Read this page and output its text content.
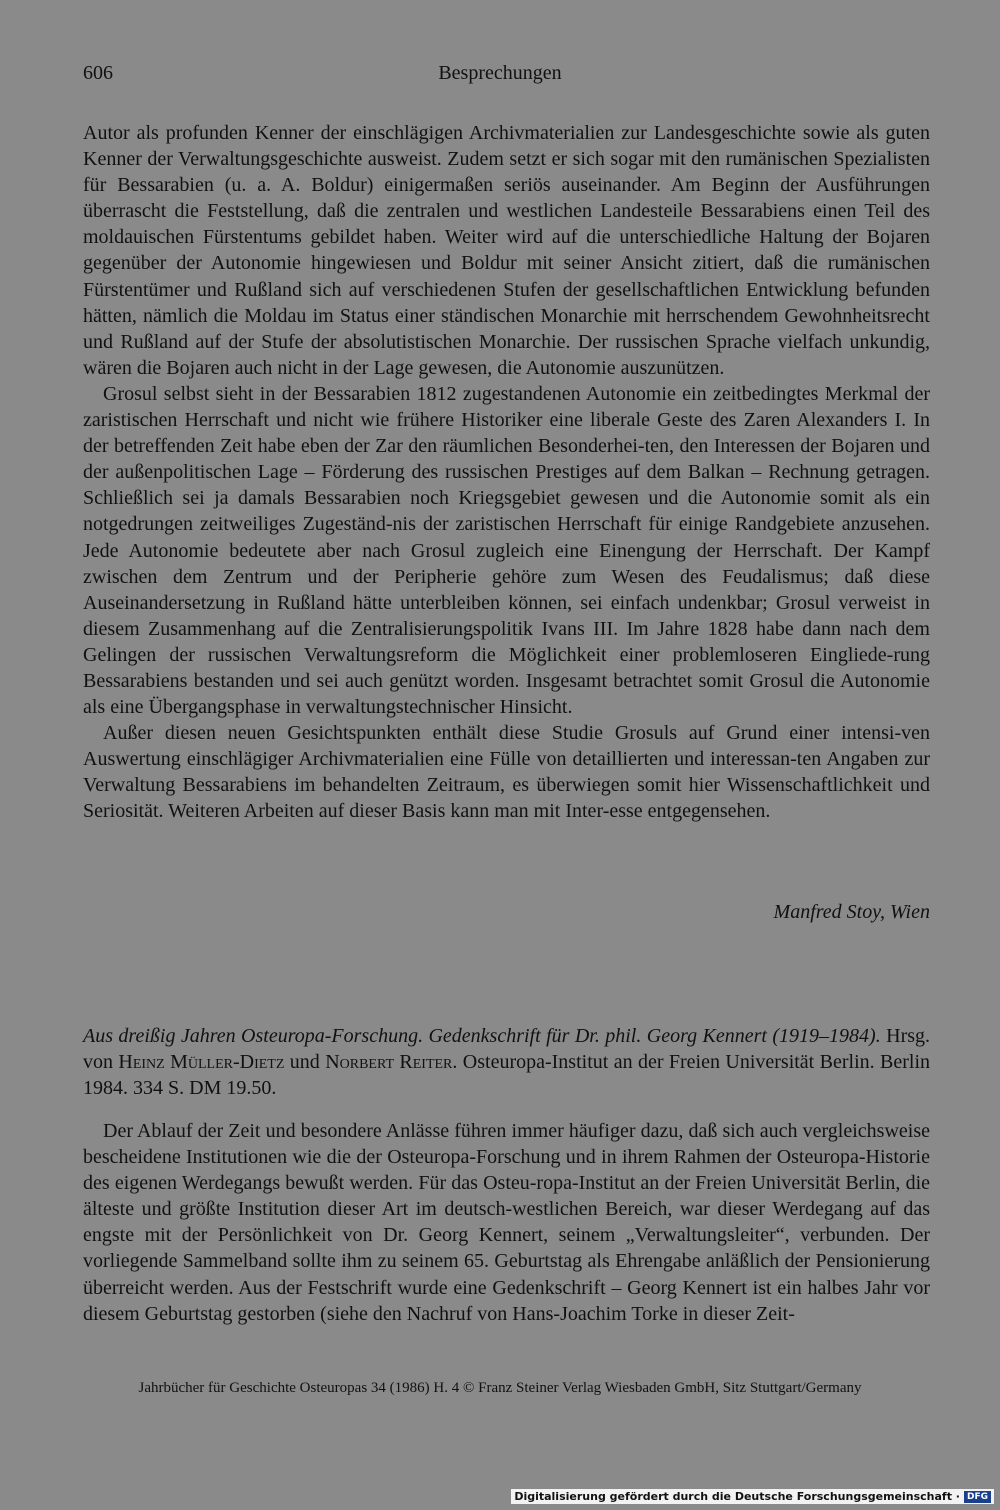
606	Besprechungen

Autor als profunden Kenner der einschlägigen Archivmaterialien zur Landesgeschichte sowie als guten Kenner der Verwaltungsgeschichte ausweist. Zudem setzt er sich sogar mit den rumänischen Spezialisten für Bessarabien (u. a. A. Boldur) einigermaßen seriös auseinander. Am Beginn der Ausführungen überrascht die Feststellung, daß die zentralen und westlichen Landesteile Bessarabiens einen Teil des moldauischen Fürstentums gebildet haben. Weiter wird auf die unterschiedliche Haltung der Bojaren gegenüber der Autonomie hingewiesen und Boldur mit seiner Ansicht zitiert, daß die rumänischen Fürstentümer und Rußland sich auf verschiedenen Stufen der gesellschaftlichen Entwicklung befunden hätten, nämlich die Moldau im Status einer ständischen Monarchie mit herrschendem Gewohnheitsrecht und Rußland auf der Stufe der absolutistischen Monarchie. Der russischen Sprache vielfach unkundig, wären die Bojaren auch nicht in der Lage gewesen, die Autonomie auszunützen.

Grosul selbst sieht in der Bessarabien 1812 zugestandenen Autonomie ein zeitbedingtes Merkmal der zaristischen Herrschaft und nicht wie frühere Historiker eine liberale Geste des Zaren Alexanders I. In der betreffenden Zeit habe eben der Zar den räumlichen Besonderhei-ten, den Interessen der Bojaren und der außenpolitischen Lage – Förderung des russischen Prestiges auf dem Balkan – Rechnung getragen. Schließlich sei ja damals Bessarabien noch Kriegsgebiet gewesen und die Autonomie somit als ein notgedrungen zeitweiliges Zugeständ-nis der zaristischen Herrschaft für einige Randgebiete anzusehen. Jede Autonomie bedeutete aber nach Grosul zugleich eine Einengung der Herrschaft. Der Kampf zwischen dem Zentrum und der Peripherie gehöre zum Wesen des Feudalismus; daß diese Auseinandersetzung in Rußland hätte unterbleiben können, sei einfach undenkbar; Grosul verweist in diesem Zusammenhang auf die Zentralisierungspolitik Ivans III. Im Jahre 1828 habe dann nach dem Gelingen der russischen Verwaltungsreform die Möglichkeit einer problemloseren Eingliede-rung Bessarabiens bestanden und sei auch genützt worden. Insgesamt betrachtet somit Grosul die Autonomie als eine Übergangsphase in verwaltungstechnischer Hinsicht.

Außer diesen neuen Gesichtspunkten enthält diese Studie Grosuls auf Grund einer intensi-ven Auswertung einschlägiger Archivmaterialien eine Fülle von detaillierten und interessan-ten Angaben zur Verwaltung Bessarabiens im behandelten Zeitraum, es überwiegen somit hier Wissenschaftlichkeit und Seriosität. Weiteren Arbeiten auf dieser Basis kann man mit Inter-esse entgegensehen.

Manfred Stoy, Wien
Aus dreißig Jahren Osteuropa-Forschung. Gedenkschrift für Dr. phil. Georg Kennert (1919–1984). Hrsg. von Heinz Müller-Dietz und Norbert Reiter. Osteuropa-Institut an der Freien Universität Berlin. Berlin 1984. 334 S. DM 19.50.

Der Ablauf der Zeit und besondere Anlässe führen immer häufiger dazu, daß sich auch vergleichsweise bescheidene Institutionen wie die der Osteuropa-Forschung und in ihrem Rahmen der Osteuropa-Historie des eigenen Werdegangs bewußt werden. Für das Osteu-ropa-Institut an der Freien Universität Berlin, die älteste und größte Institution dieser Art im deutsch-westlichen Bereich, war dieser Werdegang auf das engste mit der Persönlichkeit von Dr. Georg Kennert, seinem „Verwaltungsleiter“, verbunden. Der vorliegende Sammelband sollte ihm zu seinem 65. Geburtstag als Ehrengabe anläßlich der Pensionierung überreicht werden. Aus der Festschrift wurde eine Gedenkschrift – Georg Kennert ist ein halbes Jahr vor diesem Geburtstag gestorben (siehe den Nachruf von Hans-Joachim Torke in dieser Zeit-

Jahrbücher für Geschichte Osteuropas 34 (1986) H. 4 © Franz Steiner Verlag Wiesbaden GmbH, Sitz Stuttgart/Germany
Digitalisierung gefördert durch die Deutsche Forschungsgemeinschaft · DFG
